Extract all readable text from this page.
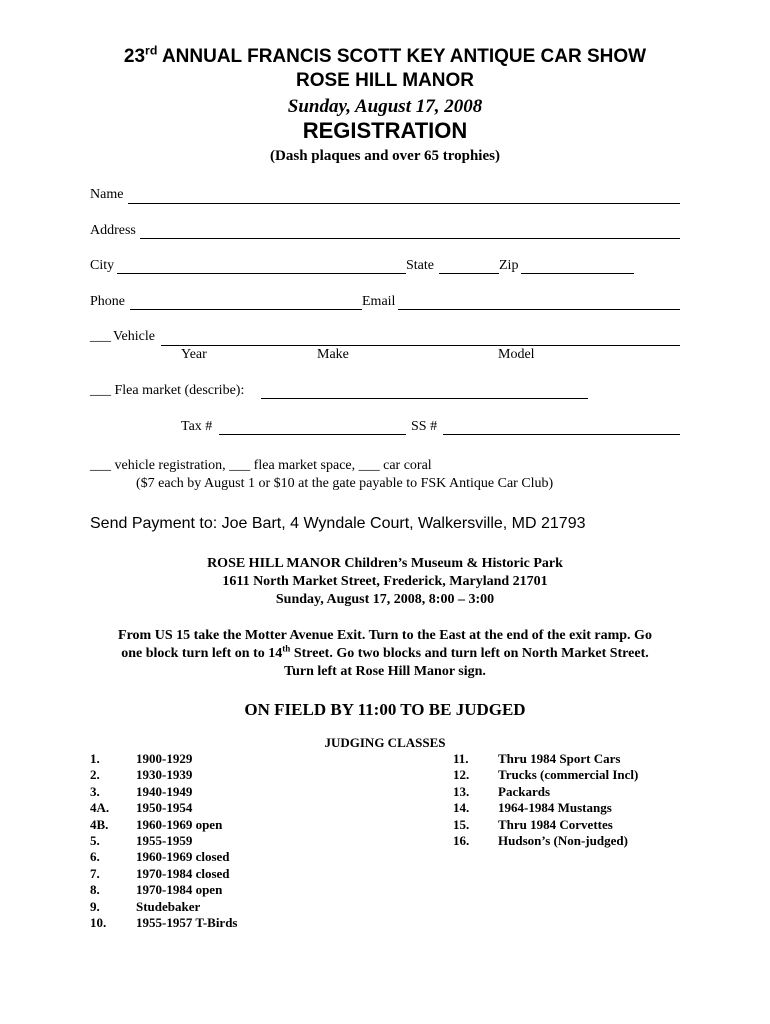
23rd ANNUAL FRANCIS SCOTT KEY ANTIQUE CAR SHOW
ROSE HILL MANOR
Sunday, August 17, 2008
REGISTRATION
(Dash plaques and over 65 trophies)
Name
Address
City	State	Zip
Phone	Email
___ Vehicle
Year	Make	Model
___ Flea market (describe):
Tax #	SS #
___ vehicle registration, ___ flea market space, ___ car coral
($7 each by August 1 or $10 at the gate payable to FSK Antique Car Club)
Send Payment to: Joe Bart, 4 Wyndale Court, Walkersville, MD 21793
ROSE HILL MANOR Children’s Museum & Historic Park
1611 North Market Street, Frederick, Maryland 21701
Sunday, August 17, 2008, 8:00 – 3:00
From US 15 take the Motter Avenue Exit. Turn to the East at the end of the exit ramp. Go
one block turn left on to 14th Street. Go two blocks and turn left on North Market Street.
Turn left at Rose Hill Manor sign.
ON FIELD BY 11:00 TO BE JUDGED
JUDGING CLASSES
1.	1900-1929
2.	1930-1939
3.	1940-1949
4A. 1950-1954
4B. 1960-1969 open
5.	1955-1959
6.	1960-1969 closed
7.	1970-1984 closed
8.	1970-1984 open
9.	Studebaker
10. 1955-1957 T-Birds
11. Thru 1984 Sport Cars
12. Trucks (commercial Incl)
13. Packards
14. 1964-1984 Mustangs
15. Thru 1984 Corvettes
16. Hudson’s (Non-judged)
